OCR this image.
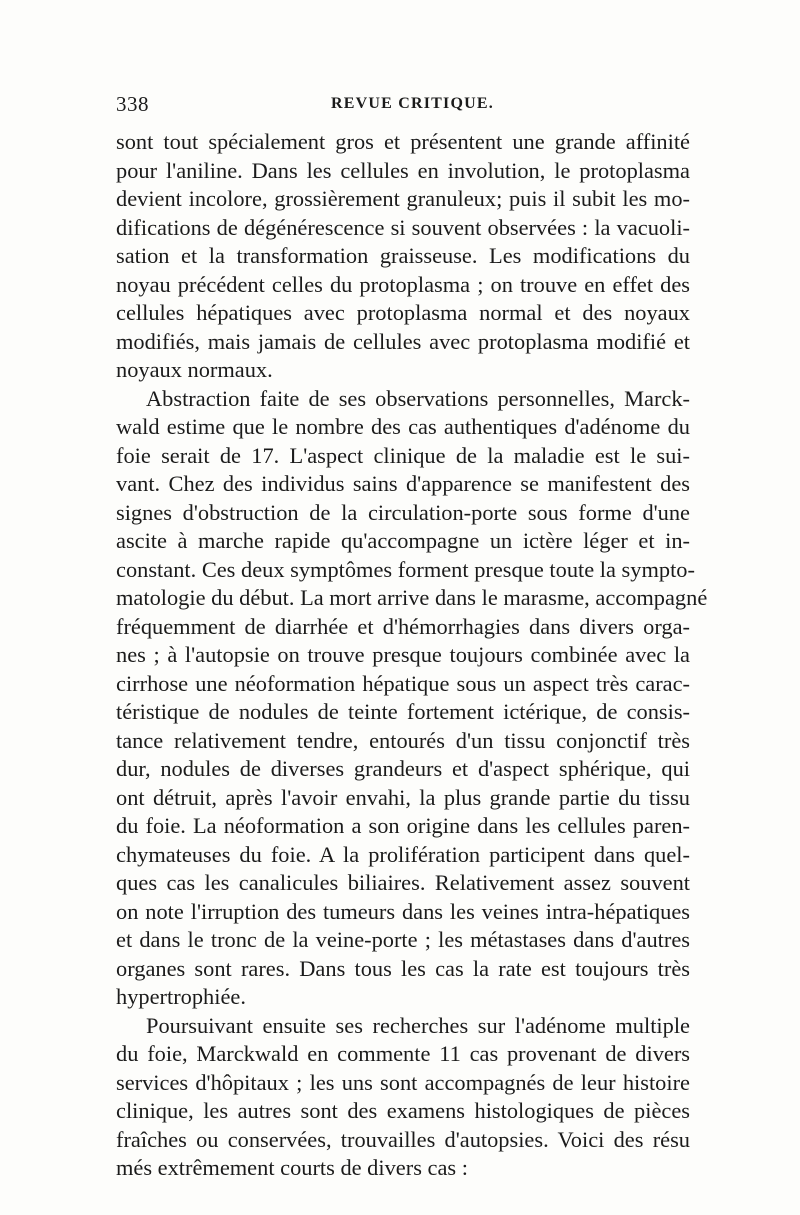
338	REVUE CRITIQUE.
sont tout spécialement gros et présentent une grande affinité
pour l'aniline. Dans les cellules en involution, le protoplasma
devient incolore, grossièrement granuleux; puis il subit les mo-
difications de dégénérescence si souvent observées : la vacuoli-
sation et la transformation graisseuse. Les modifications du
noyau précédent celles du protoplasma ; on trouve en effet des
cellules hépatiques avec protoplasma normal et des noyaux
modifiés, mais jamais de cellules avec protoplasma modifié et
noyaux normaux.
Abstraction faite de ses observations personnelles, Marck-
wald estime que le nombre des cas authentiques d'adénome du
foie serait de 17. L'aspect clinique de la maladie est le sui-
vant. Chez des individus sains d'apparence se manifestent des
signes d'obstruction de la circulation-porte sous forme d'une
ascite à marche rapide qu'accompagne un ictère léger et in-
constant. Ces deux symptômes forment presque toute la sympto-
matologie du début. La mort arrive dans le marasme, accompagné
fréquemment de diarrhée et d'hémorrhagies dans divers orga-
nes ; à l'autopsie on trouve presque toujours combinée avec la
cirrhose une néoformation hépatique sous un aspect très carac-
téristique de nodules de teinte fortement ictérique, de consis-
tance relativement tendre, entourés d'un tissu conjonctif très
dur, nodules de diverses grandeurs et d'aspect sphérique, qui
ont détruit, après l'avoir envahi, la plus grande partie du tissu
du foie. La néoformation a son origine dans les cellules paren-
chymateuses du foie. A la prolifération participent dans quel-
ques cas les canalicules biliaires. Relativement assez souvent
on note l'irruption des tumeurs dans les veines intra-hépatiques
et dans le tronc de la veine-porte ; les métastases dans d'autres
organes sont rares. Dans tous les cas la rate est toujours très
hypertrophiée.
Poursuivant ensuite ses recherches sur l'adénome multiple
du foie, Marckwald en commente 11 cas provenant de divers
services d'hôpitaux ; les uns sont accompagnés de leur histoire
clinique, les autres sont des examens histologiques de pièces
fraîches ou conservées, trouvailles d'autopsies. Voici des résu
més extrêmement courts de divers cas :
